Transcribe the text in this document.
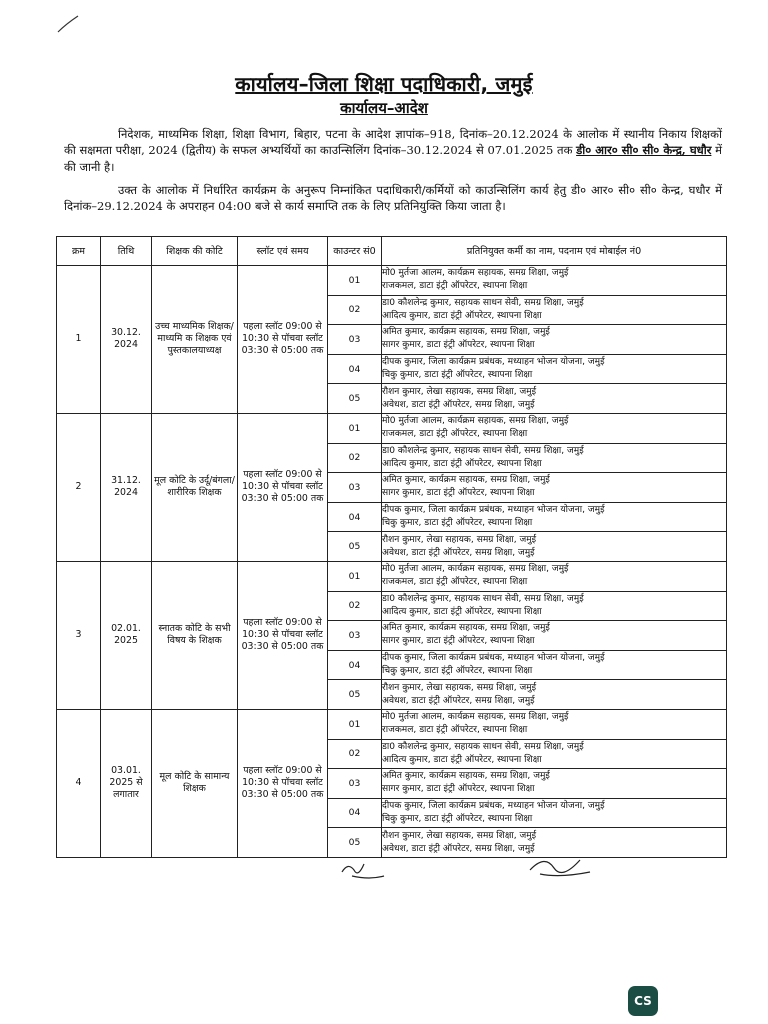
कार्यालय–जिला शिक्षा पदाधिकारी, जमुई
कार्यालय–आदेश
निदेशक, माध्यमिक शिक्षा, शिक्षा विभाग, बिहार, पटना के आदेश ज्ञापांक–918, दिनांक–20.12.2024 के आलोक में स्थानीय निकाय शिक्षकों की सक्षमता परीक्षा, 2024 (द्वितीय) के सफल अभ्यर्थियों का काउन्सिलिंग दिनांक–30.12.2024 से 07.01.2025 तक डी० आर० सी० सी० केन्द्र, घधौर में की जानी है।
उक्त के आलोक में निर्धारित कार्यक्रम के अनुरूप निम्नांकित पदाधिकारी/कर्मियों को काउन्सिलिंग कार्य हेतु डी० आर० सी० सी० केन्द्र, घधौर में दिनांक–29.12.2024 के अपराहन 04:00 बजे से कार्य समाप्ति तक के लिए प्रतिनियुक्ति किया जाता है।
क्रम	तिथि	शिक्षक की कोटि	स्लॉट एवं समय	काउन्टर सं0	प्रतिनियुक्त कर्मी का नाम, पदनाम एवं मोबाईल नं0
1	30.12. 2024	उच्च माध्यमिक शिक्षक/माध्यमि क शिक्षक एवं पुस्तकालयाध्यक्ष	पहला स्लॉट 09:00 से 10:30 से पॉचवा स्लॉट 03:30 से 05:00 तक	01	मो0 मुर्तजा आलम, कार्यक्रम सहायक, समग्र शिक्षा, जमुई
राजकमल, डाटा इंट्री ऑपरेटर, स्थापना शिक्षा

				02	डा0 कौशलेन्द्र कुमार, सहायक साधन सेवी, समग्र शिक्षा, जमुई
आदित्य कुमार, डाटा इंट्री ऑपरेटर, स्थापना शिक्षा

				03	अमित कुमार, कार्यक्रम सहायक, समग्र शिक्षा, जमुई
सागर कुमार, डाटा इंट्री ऑपरेटर, स्थापना शिक्षा

				04	दीपक कुमार, जिला कार्यक्रम प्रबंधक, मध्याहन भोजन योजना, जमुई
चिकु कुमार, डाटा इंट्री ऑपरेटर, स्थापना शिक्षा

				05	रौशन कुमार, लेखा सहायक, समग्र शिक्षा, जमुई
अवेधश, डाटा इंट्री ऑपरेटर, समग्र शिक्षा, जमुई

2	31.12. 2024	मूल कोटि के उर्दू/बंगला/ शारीरिक शिक्षक	पहला स्लॉट 09:00 से 10:30 से पॉचवा स्लॉट 03:30 से 05:00 तक	01	मो0 मुर्तजा आलम, कार्यक्रम सहायक, समग्र शिक्षा, जमुई
राजकमल, डाटा इंट्री ऑपरेटर, स्थापना शिक्षा

				02	डा0 कौशलेन्द्र कुमार, सहायक साधन सेवी, समग्र शिक्षा, जमुई
आदित्य कुमार, डाटा इंट्री ऑपरेटर, स्थापना शिक्षा

				03	अमित कुमार, कार्यक्रम सहायक, समग्र शिक्षा, जमुई
सागर कुमार, डाटा इंट्री ऑपरेटर, स्थापना शिक्षा

				04	दीपक कुमार, जिला कार्यक्रम प्रबंधक, मध्याहन भोजन योजना, जमुई
चिकु कुमार, डाटा इंट्री ऑपरेटर, स्थापना शिक्षा

				05	रौशन कुमार, लेखा सहायक, समग्र शिक्षा, जमुई
अवेधश, डाटा इंट्री ऑपरेटर, समग्र शिक्षा, जमुई

3	02.01. 2025	स्नातक कोटि के सभी विषय के शिक्षक	पहला स्लॉट 09:00 से 10:30 से पॉचवा स्लॉट 03:30 से 05:00 तक	01	मो0 मुर्तजा आलम, कार्यक्रम सहायक, समग्र शिक्षा, जमुई
राजकमल, डाटा इंट्री ऑपरेटर, स्थापना शिक्षा

				02	डा0 कौशलेन्द्र कुमार, सहायक साधन सेवी, समग्र शिक्षा, जमुई
आदित्य कुमार, डाटा इंट्री ऑपरेटर, स्थापना शिक्षा

				03	अमित कुमार, कार्यक्रम सहायक, समग्र शिक्षा, जमुई
सागर कुमार, डाटा इंट्री ऑपरेटर, स्थापना शिक्षा

				04	दीपक कुमार, जिला कार्यक्रम प्रबंधक, मध्याहन भोजन योजना, जमुई
चिकु कुमार, डाटा इंट्री ऑपरेटर, स्थापना शिक्षा

				05	रौशन कुमार, लेखा सहायक, समग्र शिक्षा, जमुई
अवेधश, डाटा इंट्री ऑपरेटर, समग्र शिक्षा, जमुई

4	03.01. 2025 से लगातार	मूल कोटि के सामान्य शिक्षक	पहला स्लॉट 09:00 से 10:30 से पॉचवा स्लॉट 03:30 से 05:00 तक	01	मो0 मुर्तजा आलम, कार्यक्रम सहायक, समग्र शिक्षा, जमुई
राजकमल, डाटा इंट्री ऑपरेटर, स्थापना शिक्षा

				02	डा0 कौशलेन्द्र कुमार, सहायक साधन सेवी, समग्र शिक्षा, जमुई
आदित्य कुमार, डाटा इंट्री ऑपरेटर, स्थापना शिक्षा

				03	अमित कुमार, कार्यक्रम सहायक, समग्र शिक्षा, जमुई
सागर कुमार, डाटा इंट्री ऑपरेटर, स्थापना शिक्षा

				04	दीपक कुमार, जिला कार्यक्रम प्रबंधक, मध्याहन भोजन योजना, जमुई
चिकु कुमार, डाटा इंट्री ऑपरेटर, स्थापना शिक्षा

				05	रौशन कुमार, लेखा सहायक, समग्र शिक्षा, जमुई
अवेधश, डाटा इंट्री ऑपरेटर, समग्र शिक्षा, जमुई
CS
